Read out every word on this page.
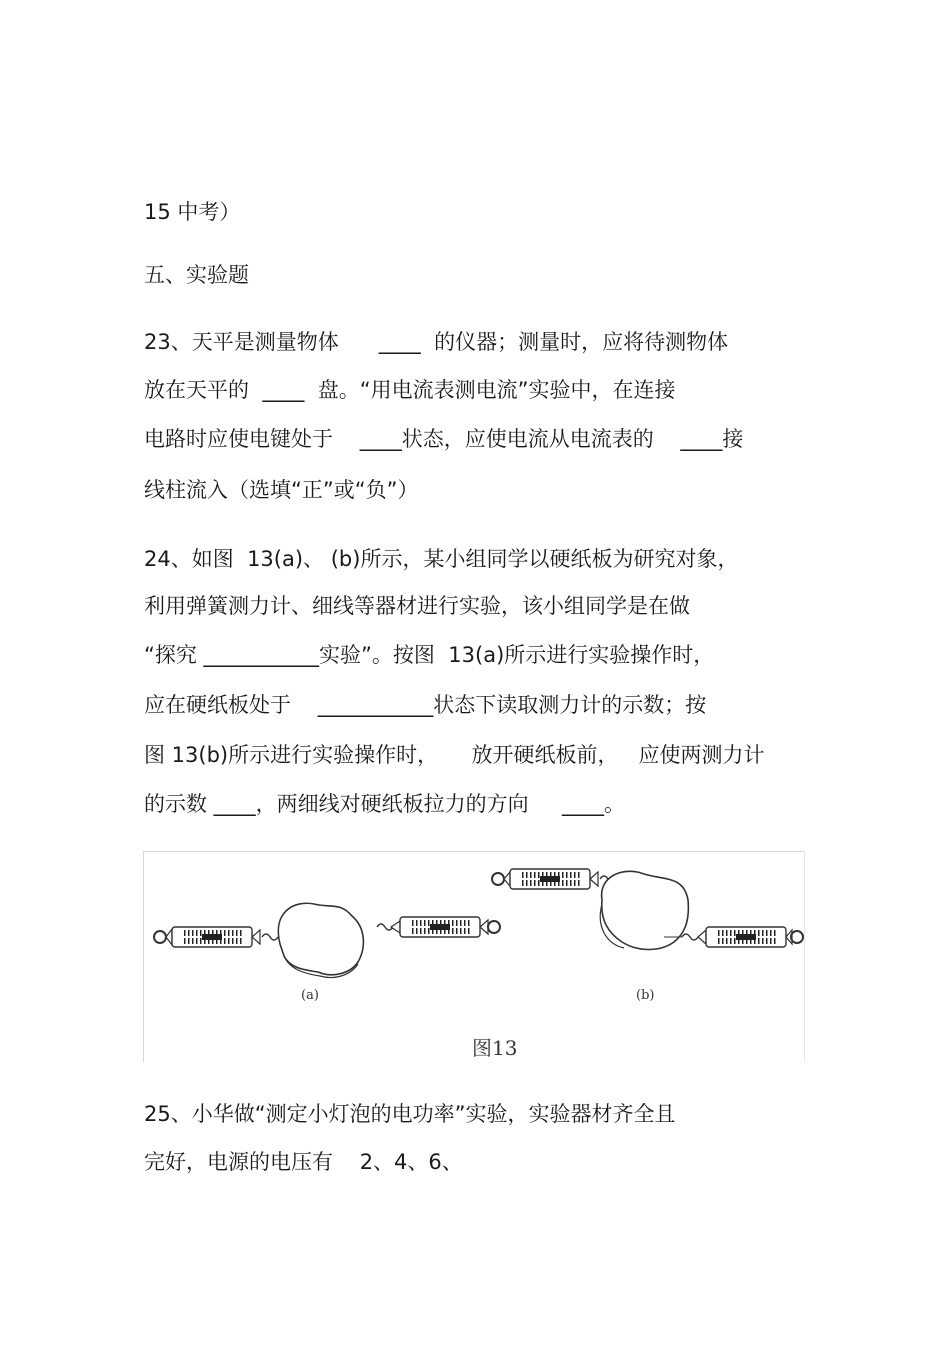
15 中考）
五、实验题
23、天平是测量物体      ____  的仪器；测量时，应将待测物体
放在天平的  ____  盘。“用电流表测电流”实验中，在连接
电路时应使电键处于    ____状态，应使电流从电流表的    ____接
线柱流入（选填“正”或“负”）
24、如图  13(a)、 (b)所示，某小组同学以硬纸板为研究对象，
利用弹簧测力计、细线等器材进行实验，该小组同学是在做
“探究 ___________实验”。按图  13(a)所示进行实验操作时，
应在硬纸板处于    ___________状态下读取测力计的示数；按
图 13(b)所示进行实验操作时，     放开硬纸板前，   应使两测力计
的示数 ____，两细线对硬纸板拉力的方向     ____。
(a)	(b)
图13
25、小华做“测定小灯泡的电功率”实验，实验器材齐全且
完好，电源的电压有    2、4、6、
